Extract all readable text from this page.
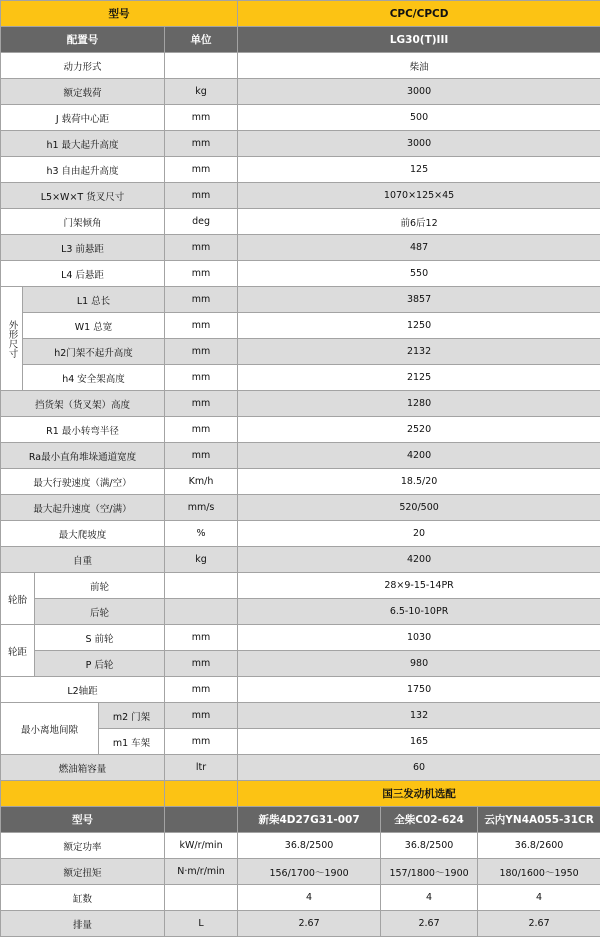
型号					CPC/CPCD		
配置号				单位	LG30(T)III		
动力形式					柴油		
额定载荷				kg	3000		
J 载荷中心距				mm	500		
h1 最大起升高度				mm	3000		
h3 自由起升高度				mm	125		
L5×W×T 货叉尺寸				mm	1070×125×45		
门架倾角				deg	前6后12		
L3 前悬距				mm	487		
L4 后悬距				mm	550		
外形尺寸	L1 总长			mm	3857		
	W1 总宽			mm	1250		
	h2门架不起升高度			mm	2132		
	h4 安全架高度			mm	2125		
挡货架（货叉架）高度				mm	1280		
R1 最小转弯半径				mm	2520		
Ra最小直角堆垛通道宽度				mm	4200		
最大行驶速度（满/空）				Km/h	18.5/20		
最大起升速度（空/满）				mm/s	520/500		
最大爬坡度				%	20		
自重				kg	4200		
轮胎		前轮			28×9-15-14PR		
		后轮			6.5-10-10PR		
轮距		S 前轮		mm	1030		
		P 后轮		mm	980		
L2轴距				mm	1750		
最小离地间隙			m2 门架	mm	132		
			m1 车架	mm	165		
燃油箱容量				ltr	60		
					国三发动机选配		
型号					新柴4D27G31-007	全柴C02-624	云内YN4A055-31CR
额定功率				kW/r/min	36.8/2500	36.8/2500	36.8/2600
额定扭矩				N·m/r/min	156/1700～1900	157/1800～1900	180/1600～1950
缸数					4	4	4
排量				L	2.67	2.67	2.67
